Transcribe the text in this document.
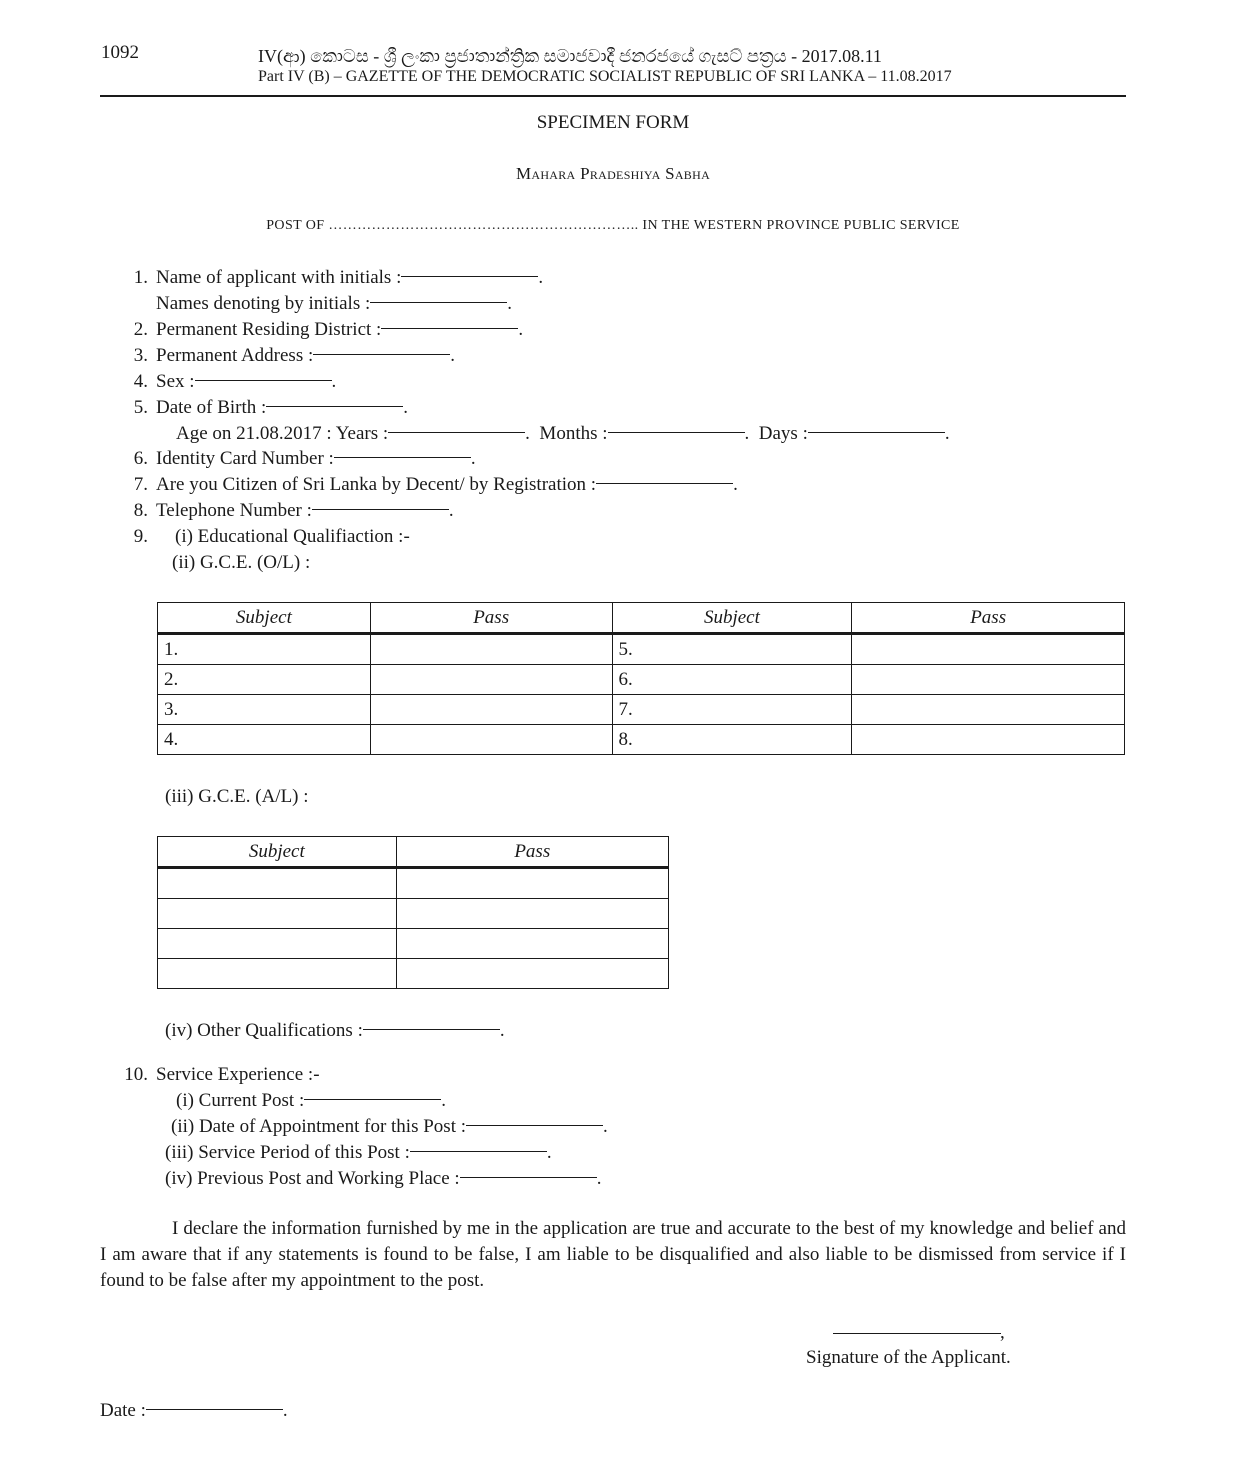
1092	IV(ආ) කොටස - ශ්‍රී ලංකා ප්‍රජාතාන්ත්‍රික සමාජවාදී ජනරජයේ ගැසට් පත්‍රය - 2017.08.11
Part IV (B) – GAZETTE OF THE DEMOCRATIC SOCIALIST REPUBLIC OF SRI LANKA – 11.08.2017
SPECIMEN FORM
Mahara Pradeshiya Sabha
POST OF ……………………………………………………….. IN THE WESTERN PROVINCE PUBLIC SERVICE
1. Name of applicant with initials :	.
Names denoting by initials :	.
2. Permanent Residing District :	.
3. Permanent Address :	.
4. Sex :	.
5. Date of Birth :	.
Age on 21.08.2017 : Years :	.  Months :	.  Days :	.
6. Identity Card Number :	.
7. Are you Citizen of Sri Lanka by Decent/ by Registration :	.
8. Telephone Number :	.
9. (i) Educational Qualifiaction :-
(ii) G.C.E. (O/L) :
Subject	Pass	Subject	Pass
1.		5.	
2.		6.	
3.		7.	
4.		8.	
(iii) G.C.E. (A/L) :
Subject	Pass

(iv) Other Qualifications :	.
10. Service Experience :-
(i) Current Post :	.
(ii) Date of Appointment for this Post :	.
(iii) Service Period of this Post :	.
(iv) Previous Post and Working Place :	.
I declare the information furnished by me in the application are true and accurate to the best of my knowledge and belief and I am aware that if any statements is found to be false, I am liable to be disqualified and also liable to be dismissed from service if I found to be false after my appointment to the post.
,
Signature of the Applicant.
Date :	.
